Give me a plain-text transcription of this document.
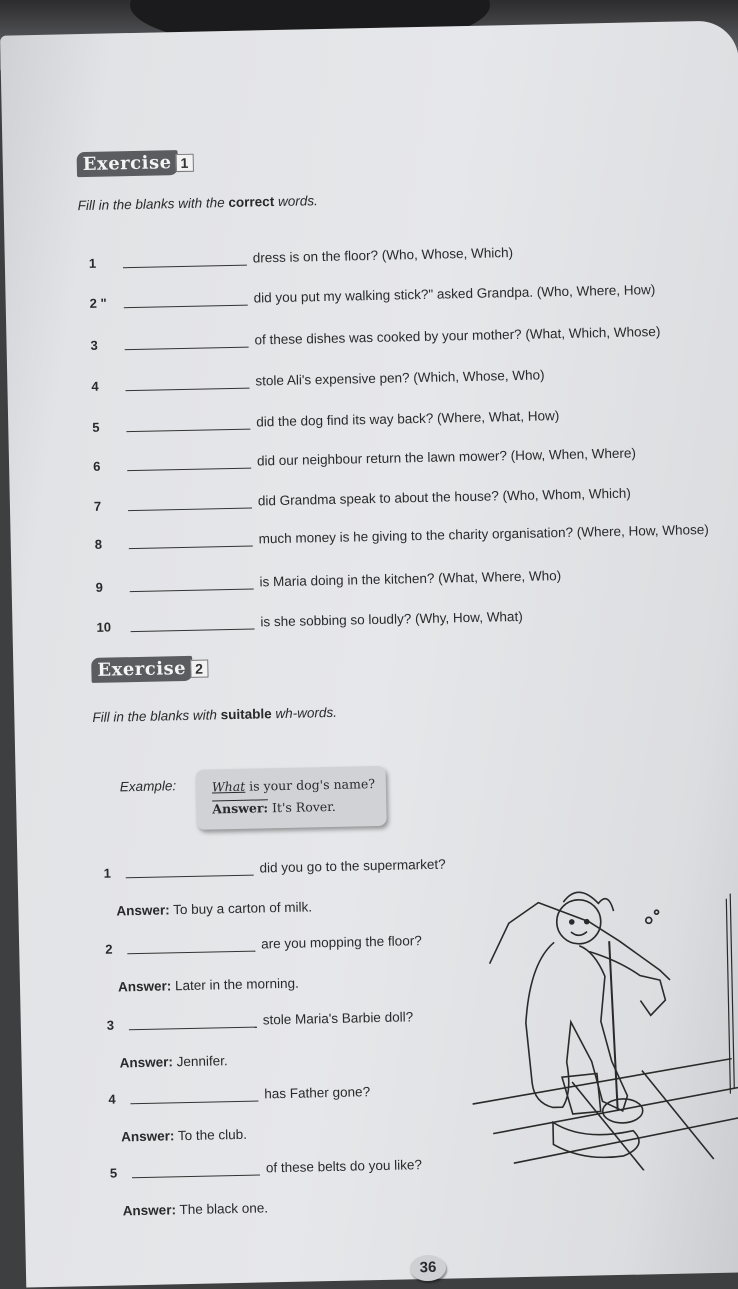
Exercise 1
Fill in the blanks with the correct words.
1	dress is on the floor? (Who, Whose, Which)
2 "	did you put my walking stick?" asked Grandpa. (Who, Where, How)
3	of these dishes was cooked by your mother? (What, Which, Whose)
4	stole Ali's expensive pen? (Which, Whose, Who)
5	did the dog find its way back? (Where, What, How)
6	did our neighbour return the lawn mower? (How, When, Where)
7	did Grandma speak to about the house? (Who, Whom, Which)
8	much money is he giving to the charity organisation? (Where, How, Whose)
9	is Maria doing in the kitchen? (What, Where, Who)
10	is she sobbing so loudly? (Why, How, What)
Exercise 2
Fill in the blanks with suitable wh-words.
Example:	What is your dog's name?
Answer: It's Rover.
1	did you go to the supermarket?
Answer: To buy a carton of milk.
2	are you mopping the floor?
Answer: Later in the morning.
3	stole Maria's Barbie doll?
Answer: Jennifer.
4	has Father gone?
Answer: To the club.
5	of these belts do you like?
Answer: The black one.
36
